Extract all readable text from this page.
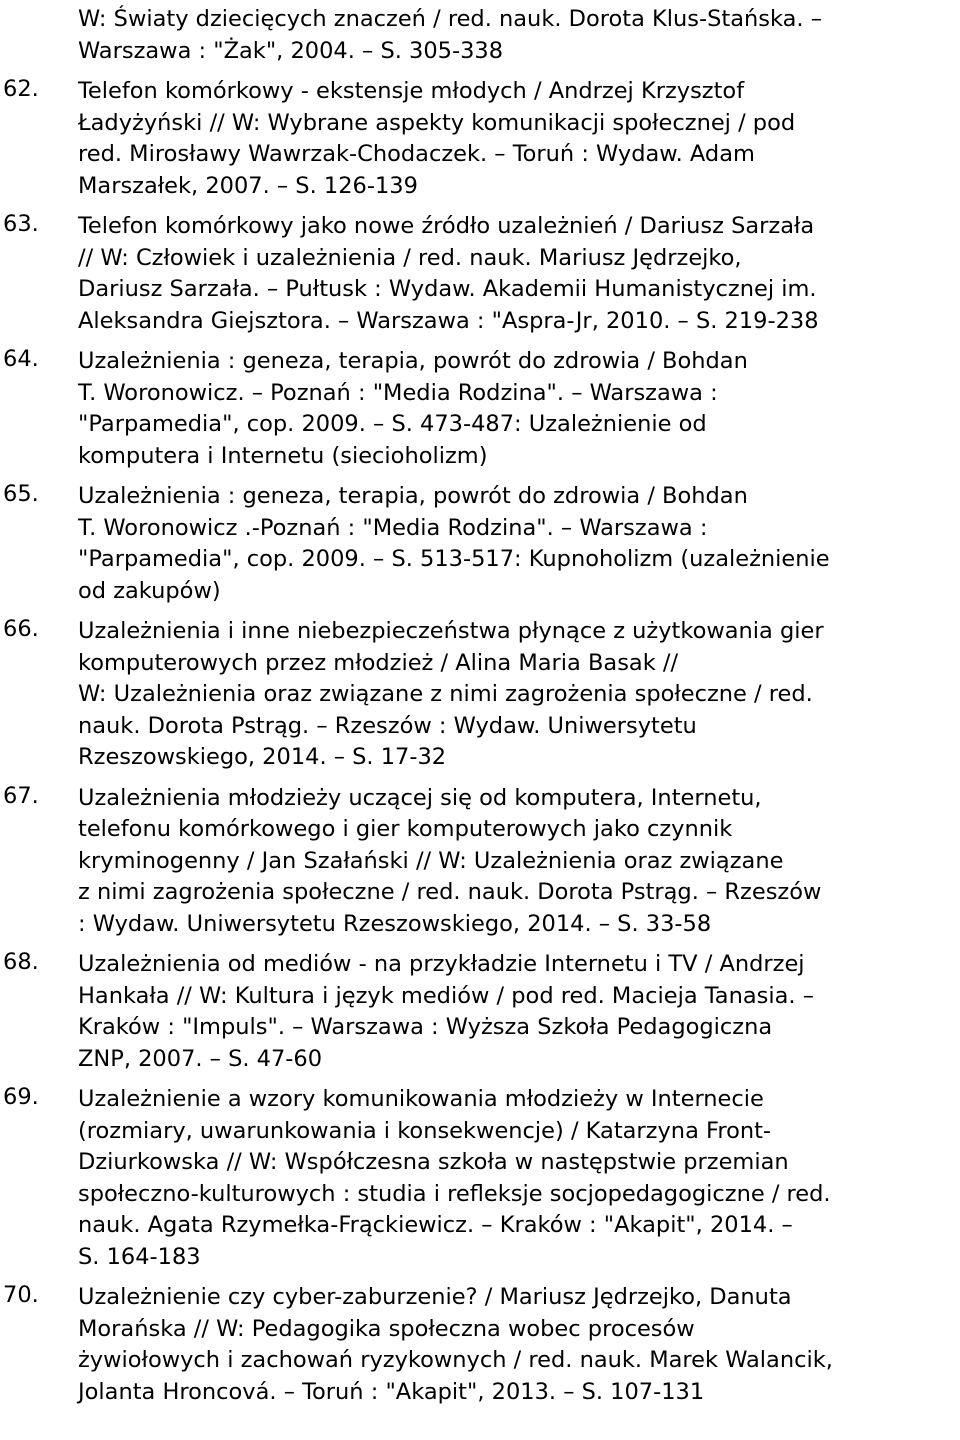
W: Światy dziecięcych znaczeń / red. nauk. Dorota Klus-Stańska. –
Warszawa : "Żak", 2004. – S. 305-338
62. Telefon komórkowy - ekstensje młodych / Andrzej Krzysztof
Ładyżyński // W: Wybrane aspekty komunikacji społecznej / pod
red. Mirosławy Wawrzak-Chodaczek. – Toruń : Wydaw. Adam
Marszałek, 2007. – S. 126-139
63. Telefon komórkowy jako nowe źródło uzależnień / Dariusz Sarzała
// W: Człowiek i uzależnienia / red. nauk. Mariusz Jędrzejko,
Dariusz Sarzała. – Pułtusk : Wydaw. Akademii Humanistycznej im.
Aleksandra Giejsztora. – Warszawa : "Aspra-Jr, 2010. – S. 219-238
64. Uzależnienia : geneza, terapia, powrót do zdrowia / Bohdan
T. Woronowicz. – Poznań : "Media Rodzina". – Warszawa :
"Parpamedia", cop. 2009. – S. 473-487: Uzależnienie od
komputera i Internetu (siecioholizm)
65. Uzależnienia : geneza, terapia, powrót do zdrowia / Bohdan
T. Woronowicz .-Poznań : "Media Rodzina". – Warszawa :
"Parpamedia", cop. 2009. – S. 513-517: Kupnoholizm (uzależnienie
od zakupów)
66. Uzależnienia i inne niebezpieczeństwa płynące z użytkowania gier
komputerowych przez młodzież / Alina Maria Basak //
W: Uzależnienia oraz związane z nimi zagrożenia społeczne / red.
nauk. Dorota Pstrąg. – Rzeszów : Wydaw. Uniwersytetu
Rzeszowskiego, 2014. – S. 17-32
67. Uzależnienia młodzieży uczącej się od komputera, Internetu,
telefonu komórkowego i gier komputerowych jako czynnik
kryminogenny / Jan Szałański // W: Uzależnienia oraz związane
z nimi zagrożenia społeczne / red. nauk. Dorota Pstrąg. – Rzeszów
: Wydaw. Uniwersytetu Rzeszowskiego, 2014. – S. 33-58
68. Uzależnienia od mediów - na przykładzie Internetu i TV / Andrzej
Hankała // W: Kultura i język mediów / pod red. Macieja Tanasia. –
Kraków : "Impuls". – Warszawa : Wyższa Szkoła Pedagogiczna
ZNP, 2007. – S. 47-60
69. Uzależnienie a wzory komunikowania młodzieży w Internecie
(rozmiary, uwarunkowania i konsekwencje) / Katarzyna Front-
Dziurkowska // W: Współczesna szkoła w następstwie przemian
społeczno-kulturowych : studia i refleksje socjopedagogiczne / red.
nauk. Agata Rzymełka-Frąckiewicz. – Kraków : "Akapit", 2014. –
S. 164-183
70. Uzależnienie czy cyber-zaburzenie? / Mariusz Jędrzejko, Danuta
Morańska // W: Pedagogika społeczna wobec procesów
żywiołowych i zachowań ryzykownych / red. nauk. Marek Walancik,
Jolanta Hroncová. – Toruń : "Akapit", 2013. – S. 107-131
